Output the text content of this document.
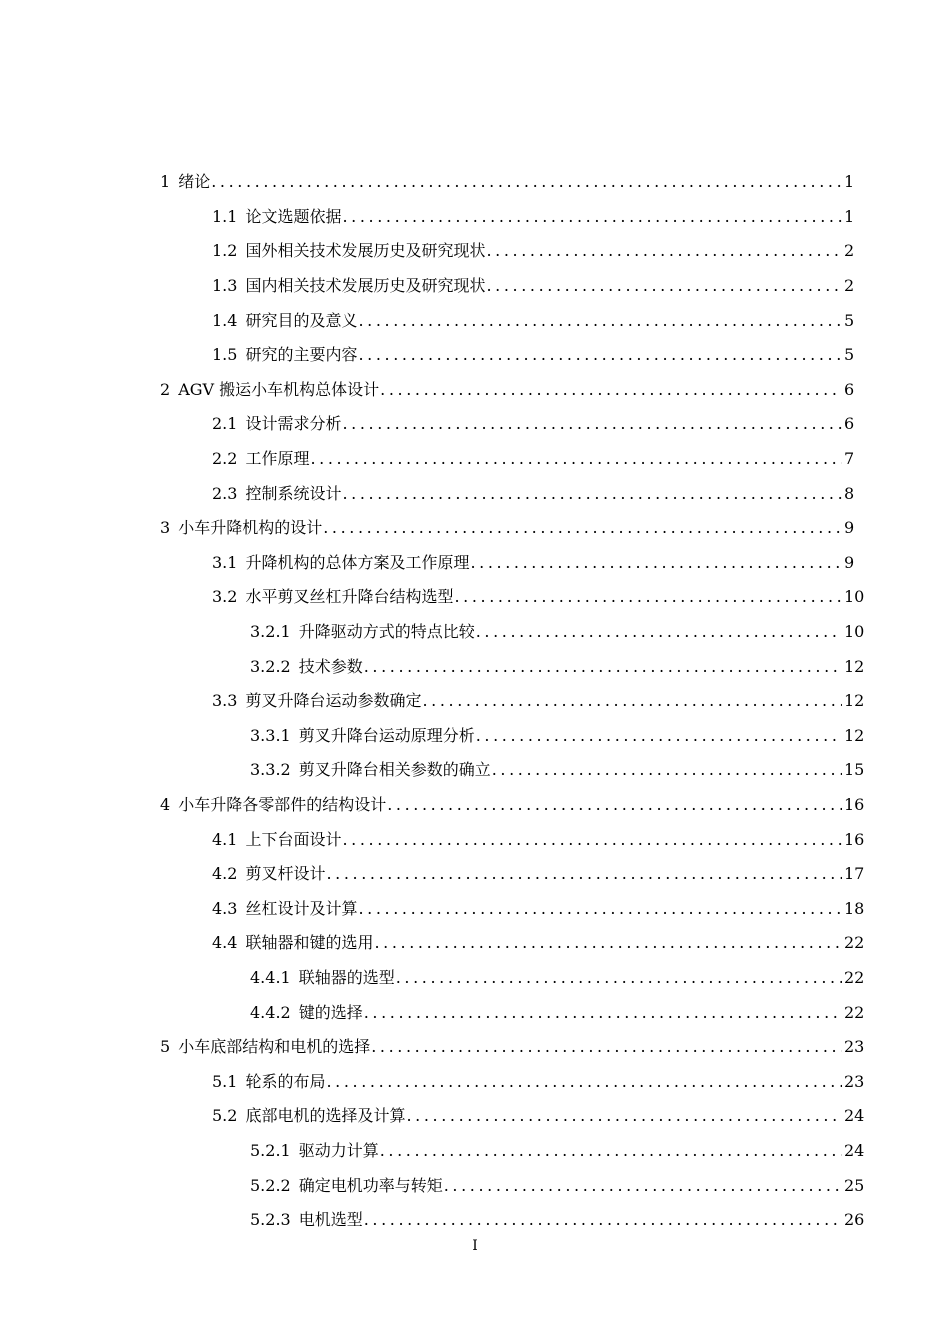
1 绪论 .....	1
1.1 论文选题依据 .....	1
1.2 国外相关技术发展历史及研究现状 .....	2
1.3 国内相关技术发展历史及研究现状 .....	2
1.4 研究目的及意义 .....	5
1.5 研究的主要内容 .....	5
2 AGV 搬运小车机构总体设计 .....	6
2.1 设计需求分析 .....	6
2.2 工作原理 .....	7
2.3 控制系统设计 .....	8
3 小车升降机构的设计 .....	9
3.1 升降机构的总体方案及工作原理 .....	9
3.2 水平剪叉丝杠升降台结构选型 .....	10
3.2.1 升降驱动方式的特点比较 .....	10
3.2.2 技术参数 .....	12
3.3 剪叉升降台运动参数确定 .....	12
3.3.1 剪叉升降台运动原理分析 .....	12
3.3.2 剪叉升降台相关参数的确立 .....	15
4 小车升降各零部件的结构设计 .....	16
4.1 上下台面设计 .....	16
4.2 剪叉杆设计 .....	17
4.3 丝杠设计及计算 .....	18
4.4 联轴器和键的选用 .....	22
4.4.1 联轴器的选型 .....	22
4.4.2 键的选择 .....	22
5 小车底部结构和电机的选择 .....	23
5.1 轮系的布局 .....	23
5.2 底部电机的选择及计算 .....	24
5.2.1 驱动力计算 .....	24
5.2.2 确定电机功率与转矩 .....	25
5.2.3 电机选型 .....	26
I
